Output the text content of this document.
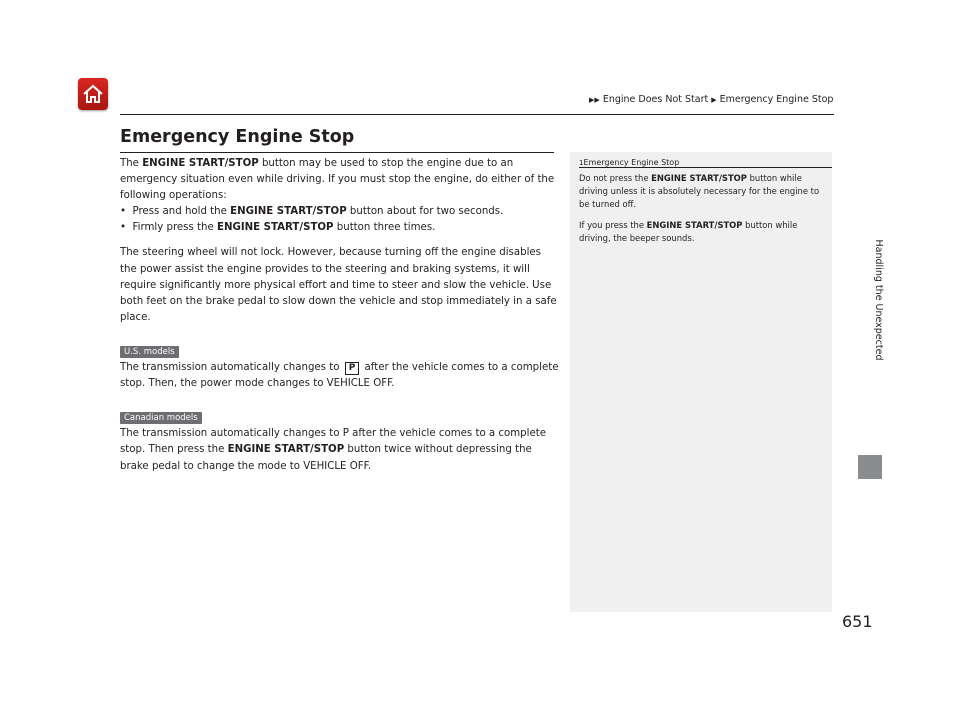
▶▶ Engine Does Not Start ▶ Emergency Engine Stop
Emergency Engine Stop

The ENGINE START/STOP button may be used to stop the engine due to an emergency situation even while driving. If you must stop the engine, do either of the following operations:

•  Press and hold the ENGINE START/STOP button about for two seconds.

•  Firmly press the ENGINE START/STOP button three times.

The steering wheel will not lock. However, because turning off the engine disables the power assist the engine provides to the steering and braking systems, it will require significantly more physical effort and time to steer and slow the vehicle. Use both feet on the brake pedal to slow down the vehicle and stop immediately in a safe place.

U.S. models

The transmission automatically changes to P after the vehicle comes to a complete stop. Then, the power mode changes to VEHICLE OFF.

Canadian models

The transmission automatically changes to P after the vehicle comes to a complete stop. Then press the ENGINE START/STOP button twice without depressing the brake pedal to change the mode to VEHICLE OFF.

1Emergency Engine Stop

Do not press the ENGINE START/STOP button while driving unless it is absolutely necessary for the engine to be turned off.

If you press the ENGINE START/STOP button while driving, the beeper sounds.

Handling the Unexpected
651
